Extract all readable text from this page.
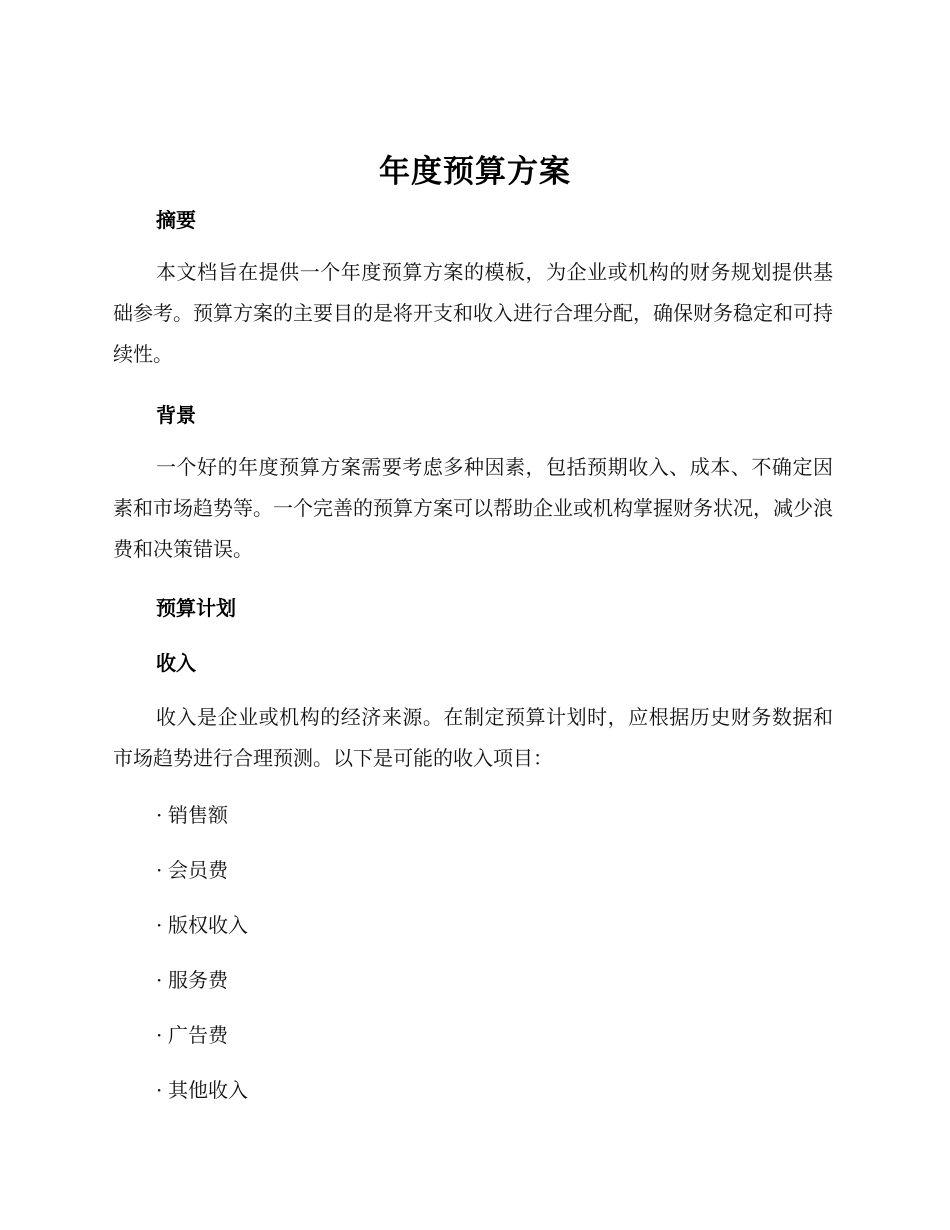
年度预算方案
摘要
本文档旨在提供一个年度预算方案的模板，为企业或机构的财务规划提供基础参考。预算方案的主要目的是将开支和收入进行合理分配，确保财务稳定和可持续性。
背景
一个好的年度预算方案需要考虑多种因素，包括预期收入、成本、不确定因素和市场趋势等。一个完善的预算方案可以帮助企业或机构掌握财务状况，减少浪费和决策错误。
预算计划
收入
收入是企业或机构的经济来源。在制定预算计划时，应根据历史财务数据和市场趋势进行合理预测。以下是可能的收入项目：
· 销售额
· 会员费
· 版权收入
· 服务费
· 广告费
· 其他收入
